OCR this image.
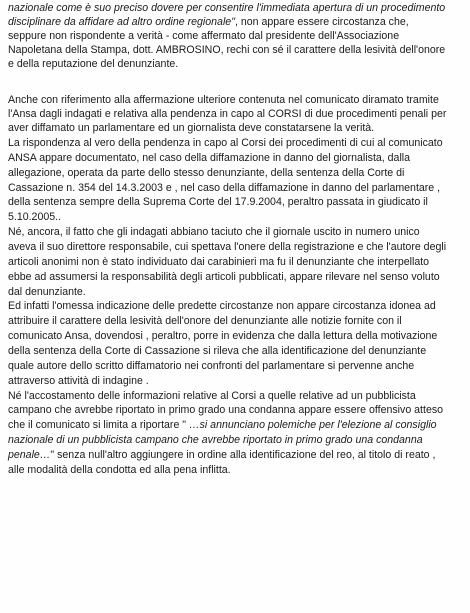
nazionale come è suo preciso dovere per consentire l'immediata apertura di un procedimento

disciplinare da affidare ad altro ordine regionale", non appare essere circostanza che,

seppure non rispondente a verità - come affermato dal presidente dell'Associazione

Napoletana della Stampa, dott. AMBROSINO, rechi con sé il carattere della lesività dell'onore

e della reputazione del denunziante.

Anche con riferimento alla affermazione ulteriore contenuta nel comunicato diramato tramite

l'Ansa dagli indagati e relativa alla pendenza in capo al CORSI di due procedimenti penali per

aver diffamato un parlamentare ed un giornalista deve constatarsene la verità.

La rispondenza al vero della pendenza in capo al Corsi dei procedimenti di cui al comunicato

ANSA appare documentato, nel caso della diffamazione in danno del giornalista, dalla

allegazione, operata da parte dello stesso denunziante, della sentenza della Corte di

Cassazione n. 354 del 14.3.2003 e , nel caso della diffamazione in danno del parlamentare ,

della sentenza sempre della Suprema Corte del 17.9.2004, peraltro passata in giudicato il

5.10.2005..

Né, ancora, il fatto che gli indagati abbiano taciuto che il giornale uscito in numero unico

aveva il suo direttore responsabile, cui spettava l'onere della registrazione e che l'autore degli

articoli anonimi non è stato individuato dai carabinieri ma fu il denunziante che interpellato

ebbe ad assumersi la responsabilità degli articoli pubblicati, appare rilevare nel senso voluto

dal denunziante.

Ed infatti l'omessa indicazione delle predette circostanze non appare circostanza idonea ad

attribuire il carattere della lesività dell'onore del denunziante alle notizie fornite con il

comunicato Ansa, dovendosi , peraltro, porre in evidenza che dalla lettura della motivazione

della sentenza della Corte di Cassazione si rileva che alla identificazione del denunziante

quale autore dello scritto diffamatorio nei confronti del parlamentare si pervenne anche

attraverso attività di indagine .

Né l'accostamento delle informazioni relative al Corsi a quelle relative ad un pubblicista

campano che avrebbe riportato in primo grado una condanna appare essere offensivo atteso

che il comunicato si limita a riportare " …si annunciano polemiche per l'elezione al consiglio

nazionale di un pubblicista campano che avrebbe riportato in primo grado una condanna

penale…" senza null'altro aggiungere in ordine alla identificazione del reo, al titolo di reato ,

alle modalità della condotta ed alla pena inflitta.
